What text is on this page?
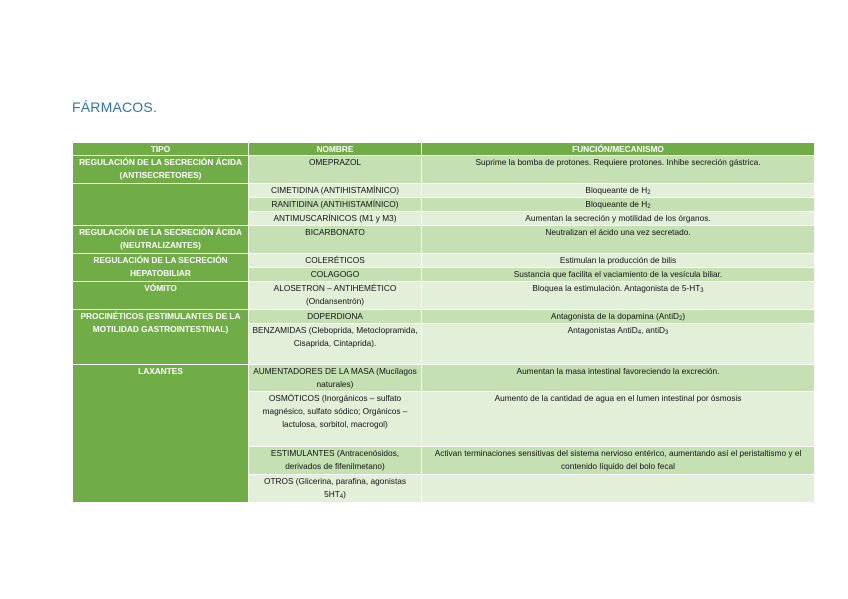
FÁRMACOS.
TIPO	NOMBRE	FUNCIÓN/MECANISMO
REGULACIÓN DE LA SECRECIÓN ÁCIDA (ANTISECRETORES)	OMEPRAZOL	Suprime la bomba de protones. Requiere protones. Inhibe secreción gástrica.
	CIMETIDINA (ANTIHISTAMÍNICO)	Bloqueante de $H_2$
	RANITIDINA (ANTIHISTAMÍNICO)	Bloqueante de $H_2$
	ANTIMUSCARÍNICOS (M1 y M3)	Aumentan la secreción y motilidad de los órganos.
REGULACIÓN DE LA SECRECIÓN ÁCIDA (NEUTRALIZANTES)	BICARBONATO	Neutralizan el ácido una vez secretado.
REGULACIÓN DE LA SECRECIÓN HEPATOBILIAR	COLERÉTICOS	Estimulan la producción de bilis
	COLAGOGO	Sustancia que facilita el vaciamiento de la vesícula biliar.
VÓMITO	ALOSETRON – ANTIHEMÉTICO (Ondansentrón)	Bloquea la estimulación. Antagonista de $5-HT_3$
PROCINÉTICOS (ESTIMULANTES DE LA MOTILIDAD GASTROINTESTINAL)	DOPERDIONA	Antagonista de la dopamina (AntiD$_2$)
	BENZAMIDAS (Cleboprida, Metoclopramida, Cisaprida, Cintaprida).	Antagonistas AntiD$_4$, antiD$_3$
LAXANTES	AUMENTADORES DE LA MASA (Mucílagos naturales)	Aumentan la masa intestinal favoreciendo la excreción.
	OSMÓTICOS (Inorgánicos – sulfato magnésico, sulfato sódico; Orgánicos – lactulosa, sorbitol, macrogol)	Aumento de la cantidad de agua en el lumen intestinal por ósmosis
	ESTIMULANTES (Antracenósidos, derivados de fifenilmetano)	Activan terminaciones sensitivas del sistema nervioso entérico, aumentando así el peristaltismo y el contenido líquido del bolo fecal
	OTROS (Glicerina, parafina, agonistas $5HT_4$)	
